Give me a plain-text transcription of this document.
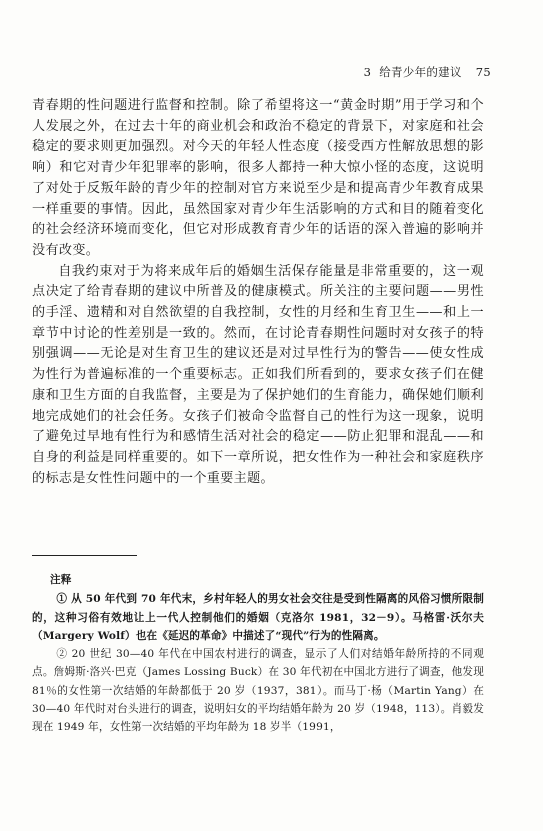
3 给青少年的建议 75

青春期的性问题进行监督和控制。除了希望将这一“黄金时期”用于学习和个人发展之外，在过去十年的商业机会和政治不稳定的背景下，对家庭和社会稳定的要求则更加强烈。对今天的年轻人性态度（接受西方性解放思想的影响）和它对青少年犯罪率的影响，很多人都持一种大惊小怪的态度，这说明了对处于反叛年龄的青少年的控制对官方来说至少是和提高青少年教育成果一样重要的事情。因此，虽然国家对青少年生活影响的方式和目的随着变化的社会经济环境而变化，但它对形成教育青少年的话语的深入普遍的影响并没有改变。

自我约束对于为将来成年后的婚姻生活保存能量是非常重要的，这一观点决定了给青春期的建议中所普及的健康模式。所关注的主要问题——男性的手淫、遗精和对自然欲望的自我控制，女性的月经和生育卫生——和上一章节中讨论的性差别是一致的。然而，在讨论青春期性问题时对女孩子的特别强调——无论是对生育卫生的建议还是对过早性行为的警告——使女性成为性行为普遍标准的一个重要标志。正如我们所看到的，要求女孩子们在健康和卫生方面的自我监督，主要是为了保护她们的生育能力，确保她们顺利地完成她们的社会任务。女孩子们被命令监督自己的性行为这一现象，说明了避免过早地有性行为和感情生活对社会的稳定——防止犯罪和混乱——和自身的利益是同样重要的。如下一章所说，把女性作为一种社会和家庭秩序的标志是女性性问题中的一个重要主题。

注释

① 从 50 年代到 70 年代末，乡村年轻人的男女社会交往是受到性隔离的风俗习惯所限制的，这种习俗有效地让上一代人控制他们的婚姻（克洛尔 1981，32－9）。马格雷·沃尔夫（Margery Wolf）也在《延迟的革命》中描述了“现代”行为的性隔离。

② 20 世纪 30—40 年代在中国农村进行的调查，显示了人们对结婚年龄所持的不同观点。詹姆斯·洛兴·巴克（James Lossing Buck）在 30 年代初在中国北方进行了调查，他发现 81％的女性第一次结婚的年龄都低于 20 岁（1937，381）。而马丁·杨（Martin Yang）在 30—40 年代时对台头进行的调查，说明妇女的平均结婚年龄为 20 岁（1948，113）。肖毅发现在 1949 年，女性第一次结婚的平均年龄为 18 岁半（1991，
